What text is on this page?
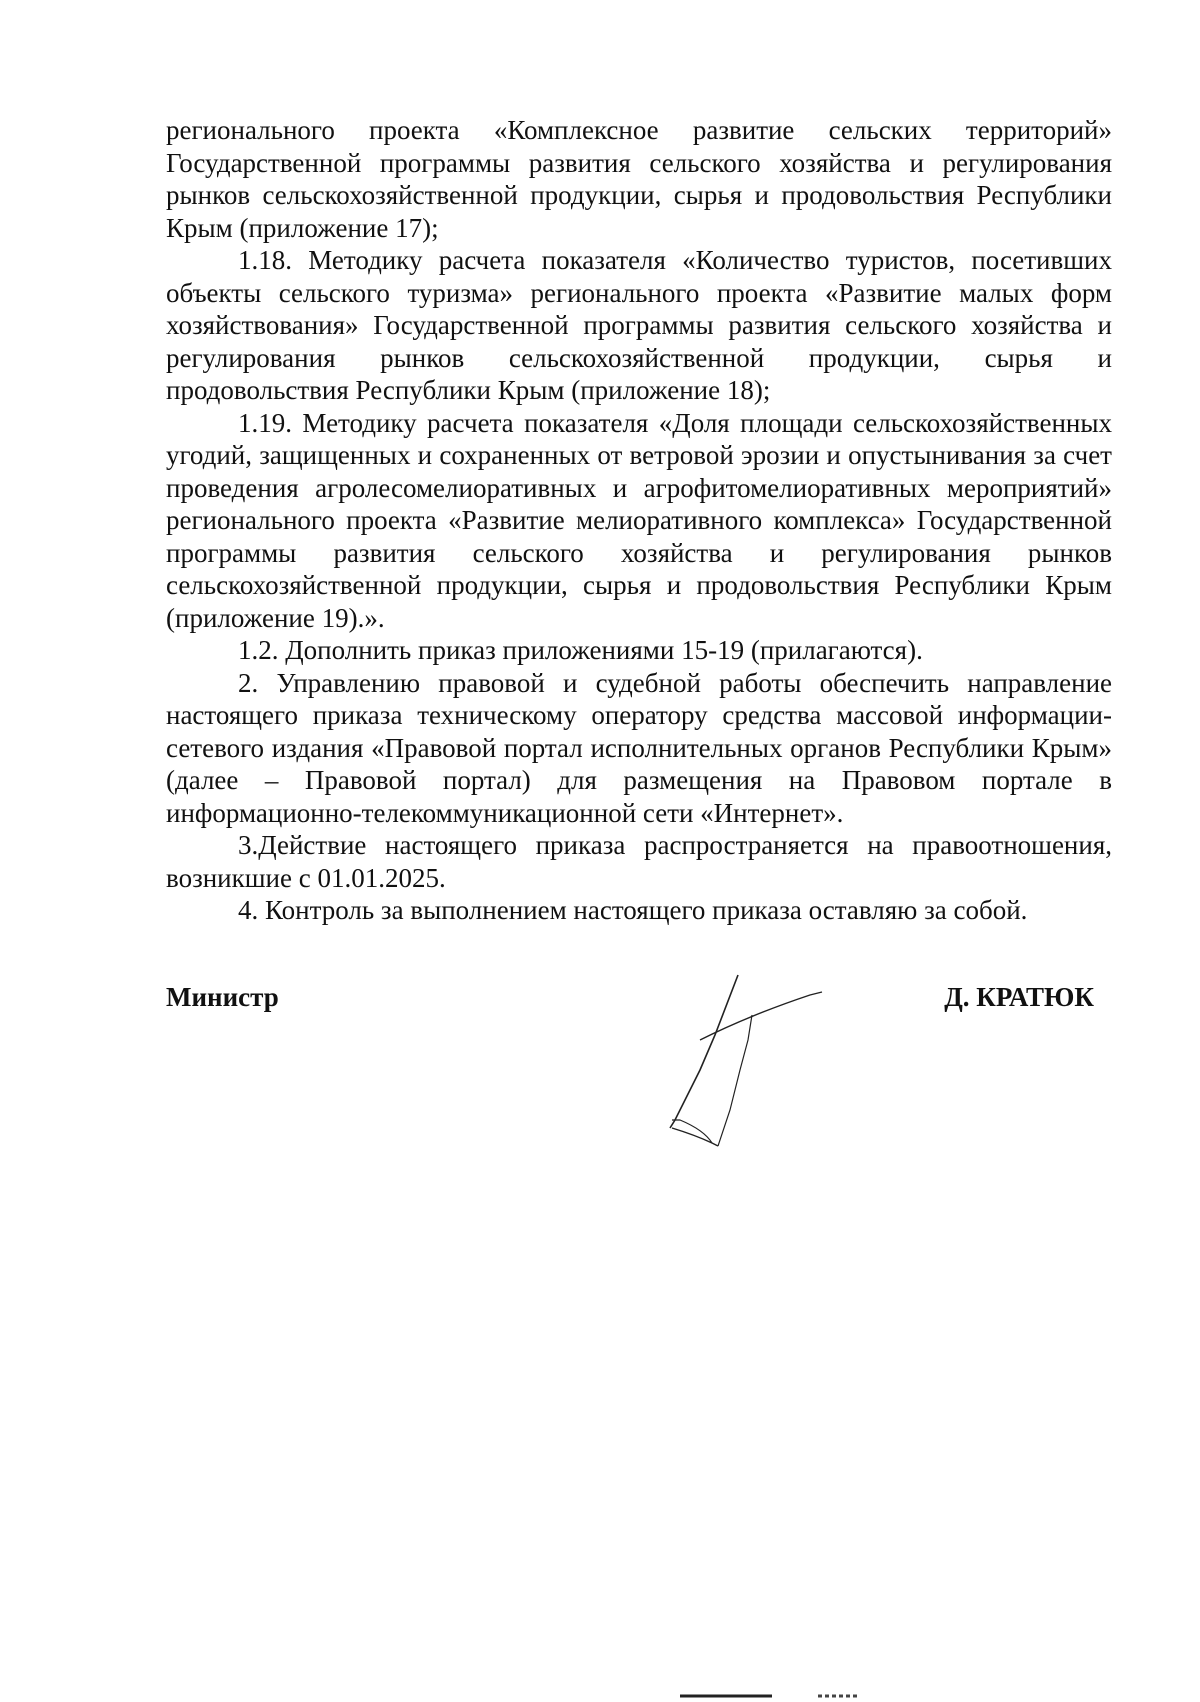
регионального проекта «Комплексное развитие сельских территорий» Государственной программы развития сельского хозяйства и регулирования рынков сельскохозяйственной продукции, сырья и продовольствия Республики Крым (приложение 17);

1.18. Методику расчета показателя «Количество туристов, посетивших объекты сельского туризма» регионального проекта «Развитие малых форм хозяйствования» Государственной программы развития сельского хозяйства и регулирования рынков сельскохозяйственной продукции, сырья и продовольствия Республики Крым (приложение 18);

1.19. Методику расчета показателя «Доля площади сельскохозяйственных угодий, защищенных и сохраненных от ветровой эрозии и опустынивания за счет проведения агролесомелиоративных и агрофитомелиоративных мероприятий» регионального проекта «Развитие мелиоративного комплекса» Государственной программы развития сельского хозяйства и регулирования рынков сельскохозяйственной продукции, сырья и продовольствия Республики Крым (приложение 19).».

1.2. Дополнить приказ приложениями 15-19 (прилагаются).

2. Управлению правовой и судебной работы обеспечить направление настоящего приказа техническому оператору средства массовой информации-сетевого издания «Правовой портал исполнительных органов Республики Крым» (далее – Правовой портал) для размещения на Правовом портале в информационно-телекоммуникационной сети «Интернет».

3.Действие настоящего приказа распространяется на правоотношения, возникшие с 01.01.2025.

4. Контроль за выполнением настоящего приказа оставляю за собой.

Министр	Д. КРАТЮК
